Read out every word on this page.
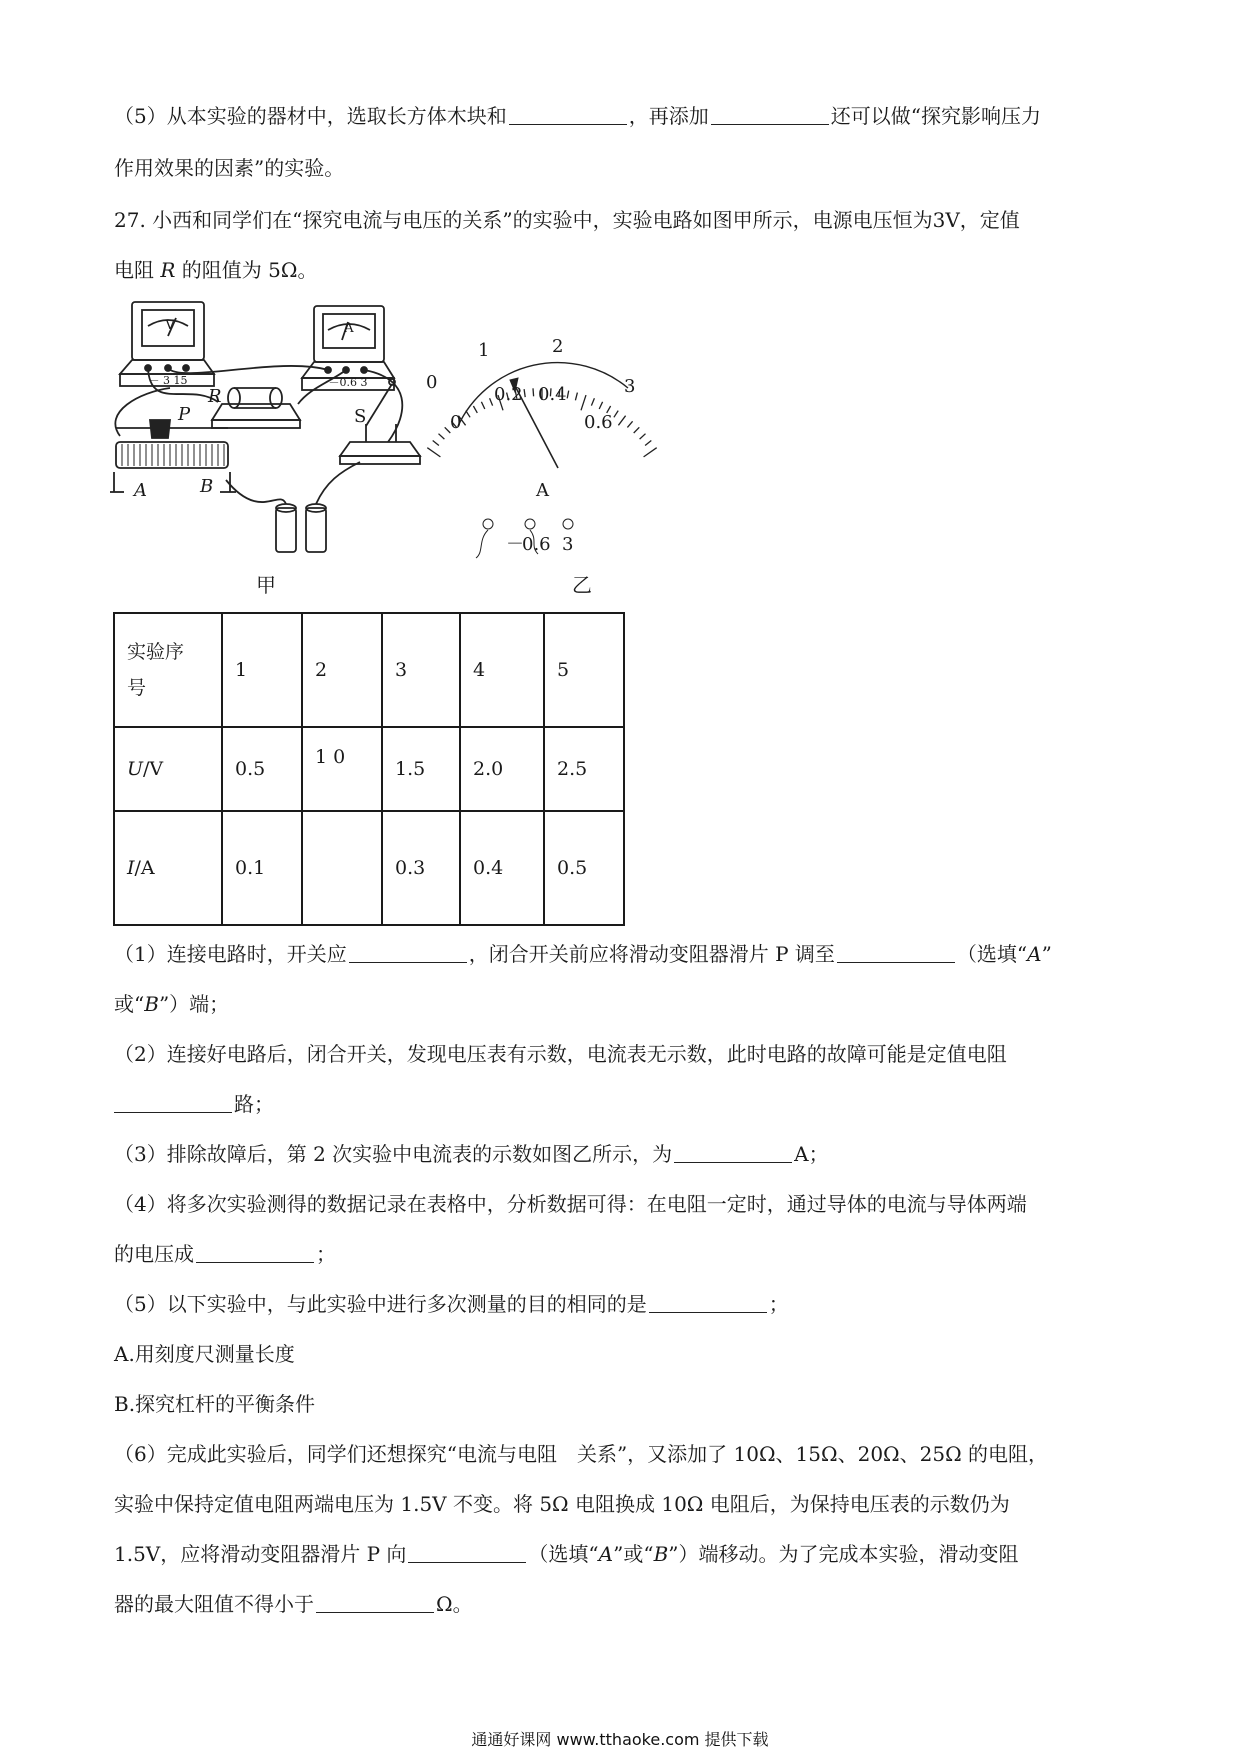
（5）从本实验的器材中，选取长方体木块和	，再添加	还可以做“探究影响压力
作用效果的因素”的实验。
27. 小西和同学们在“探究电流与电压的关系”的实验中，实验电路如图甲所示，电源电压恒为3V，定值
电阻 R 的阻值为 5Ω。
V	A
－ 3 15	－0.6 3
R
S
P
A	B
甲
0
1	2
3
0
0.2 0.4
0.6
A
－
0.6 3
乙
实验序号	1	2	3	4	5
U/V	0.5	1 0	1.5	2.0	2.5
I/A	0.1		0.3	0.4	0.5
（1）连接电路时，开关应	，闭合开关前应将滑动变阻器滑片 P 调至	（选填“A”
或“B”）端；
（2）连接好电路后，闭合开关，发现电压表有示数，电流表无示数，此时电路的故障可能是定值电阻
路；
（3）排除故障后，第 2 次实验中电流表的示数如图乙所示，为	A；
（4）将多次实验测得的数据记录在表格中，分析数据可得：在电阻一定时，通过导体的电流与导体两端
的电压成	；
（5）以下实验中，与此实验中进行多次测量的目的相同的是	；
A.用刻度尺测量长度
B.探究杠杆的平衡条件
（6）完成此实验后，同学们还想探究“电流与电阻　关系”，又添加了 10Ω、15Ω、20Ω、25Ω 的电阻，
实验中保持定值电阻两端电压为 1.5V 不变。将 5Ω 电阻换成 10Ω 电阻后，为保持电压表的示数仍为
1.5V，应将滑动变阻器滑片 P 向	（选填“A”或“B”）端移动。为了完成本实验，滑动变阻
器的最大阻值不得小于	Ω。
通通好课网 www.tthaoke.com 提供下载
